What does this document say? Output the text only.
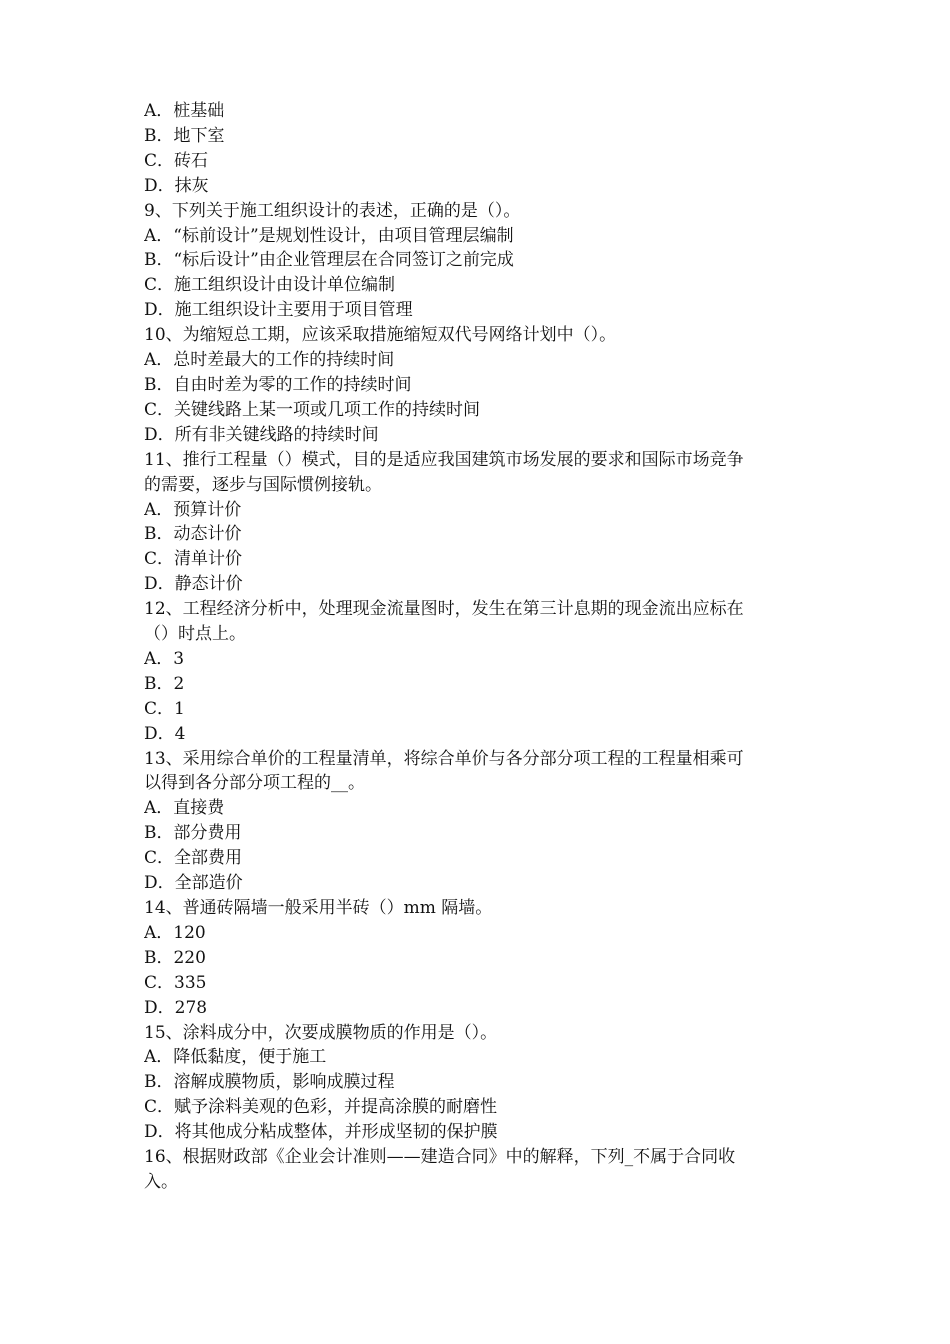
A．桩基础
B．地下室
C．砖石
D．抹灰
9、下列关于施工组织设计的表述，正确的是（）。
A．“标前设计”是规划性设计，由项目管理层编制
B．“标后设计”由企业管理层在合同签订之前完成
C．施工组织设计由设计单位编制
D．施工组织设计主要用于项目管理
10、为缩短总工期，应该采取措施缩短双代号网络计划中（）。
A．总时差最大的工作的持续时间
B．自由时差为零的工作的持续时间
C．关键线路上某一项或几项工作的持续时间
D．所有非关键线路的持续时间
11、推行工程量（）模式，目的是适应我国建筑市场发展的要求和国际市场竞争
的需要，逐步与国际惯例接轨。
A．预算计价
B．动态计价
C．清单计价
D．静态计价
12、工程经济分析中，处理现金流量图时，发生在第三计息期的现金流出应标在
（）时点上。
A．3
B．2
C．1
D．4
13、采用综合单价的工程量清单，将综合单价与各分部分项工程的工程量相乘可
以得到各分部分项工程的__。
A．直接费
B．部分费用
C．全部费用
D．全部造价
14、普通砖隔墙一般采用半砖（）mm 隔墙。
A．120
B．220
C．335
D．278
15、涂料成分中，次要成膜物质的作用是（）。
A．降低黏度，便于施工
B．溶解成膜物质，影响成膜过程
C．赋予涂料美观的色彩，并提高涂膜的耐磨性
D．将其他成分粘成整体，并形成坚韧的保护膜
16、根据财政部《企业会计准则——建造合同》中的解释，下列_不属于合同收
入。
